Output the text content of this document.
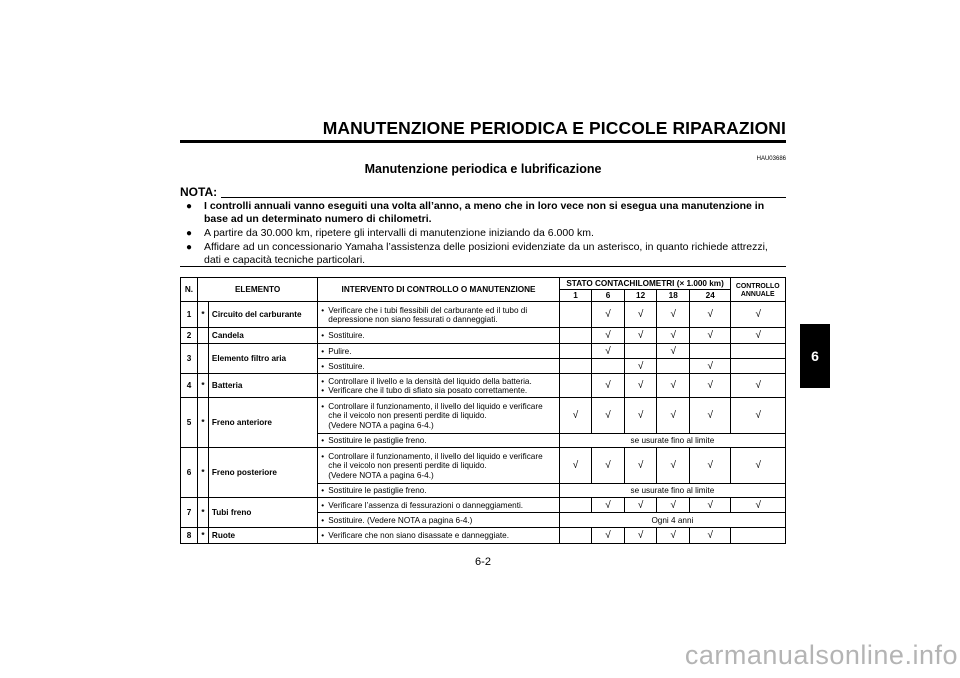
MANUTENZIONE PERIODICA E PICCOLE RIPARAZIONI
HAU03686
Manutenzione periodica e lubrificazione
NOTA:
● I controlli annuali vanno eseguiti una volta all’anno, a meno che in loro vece non si esegua una manutenzione in base ad un determinato numero di chilometri.
● A partire da 30.000 km, ripetere gli intervalli di manutenzione iniziando da 6.000 km.
● Affidare ad un concessionario Yamaha l’assistenza delle posizioni evidenziate da un asterisco, in quanto richiede attrezzi, dati e capacità tecniche particolari.
N.	ELEMENTO		INTERVENTO DI CONTROLLO O MANUTENZIONE	STATO CONTACHILOMETRI (× 1.000 km)					CONTROLLO
ANNUALE
				1	6	12	18	24	
1	*	Circuito del carburante	• Verificare che i tubi flessibili del carburante ed il tubo di
depressione non siano fessurati o danneggiati.		√	√	√	√	√
2		Candela	• Sostituire.		√	√	√	√	√
3		Elemento filtro aria	• Pulire.		√		√		

			• Sostituire.			√		√	
4	*	Batteria	• Controllare il livello e la densità del liquido della batteria.
• Verificare che il tubo di sfiato sia posato correttamente.		√	√	√	√	√
5	*	Freno anteriore	• Controllare il funzionamento, il livello del liquido e verificare
che il veicolo non presenti perdite di liquido.
(Vedere NOTA a pagina 6-4.)	√	√	√	√	√	√

			• Sostituire le pastiglie freno.	se usurate fino al limite					
6	*	Freno posteriore	• Controllare il funzionamento, il livello del liquido e verificare
che il veicolo non presenti perdite di liquido.
(Vedere NOTA a pagina 6-4.)	√	√	√	√	√	√

			• Sostituire le pastiglie freno.	se usurate fino al limite					
7	*	Tubi freno	• Verificare l’assenza di fessurazioni o danneggiamenti.		√	√	√	√	√

			• Sostituire. (Vedere NOTA a pagina 6-4.)	Ogni 4 anni					
8	*	Ruote	• Verificare che non siano disassate e danneggiate.		√	√	√	√	
6
6-2
carmanualsonline.info
